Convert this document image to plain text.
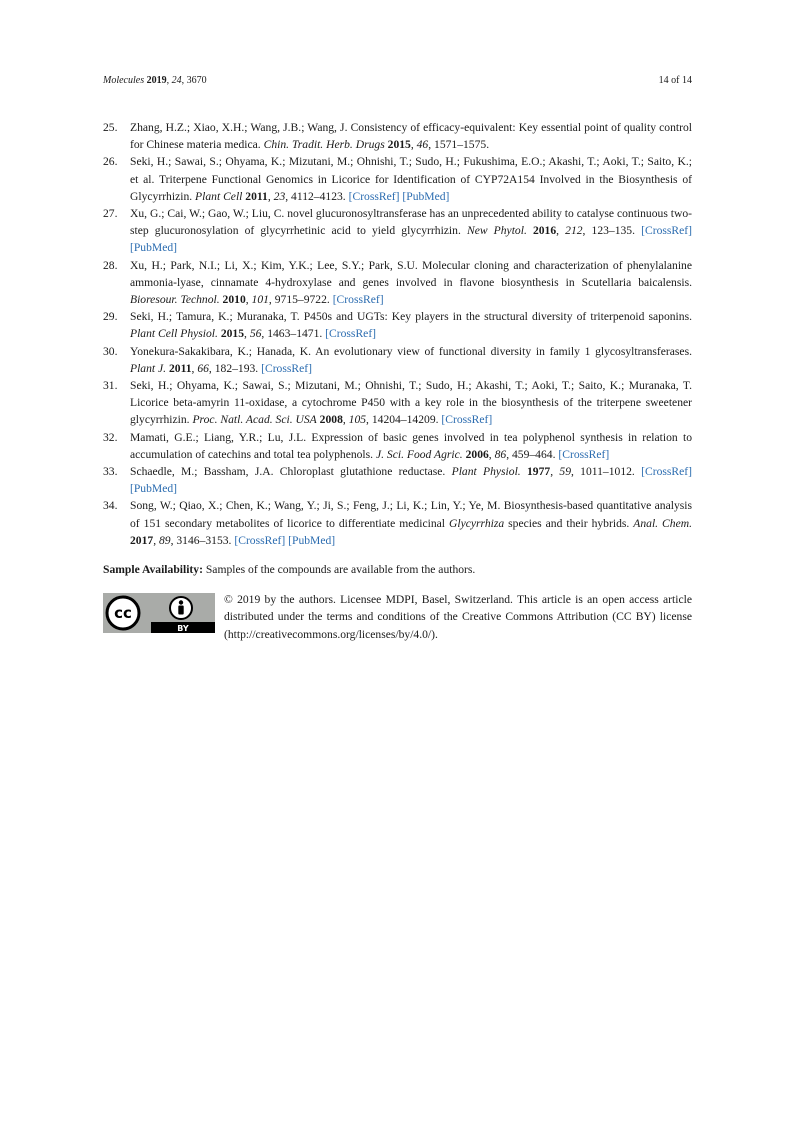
Molecules 2019, 24, 3670	14 of 14
25. Zhang, H.Z.; Xiao, X.H.; Wang, J.B.; Wang, J. Consistency of efficacy-equivalent: Key essential point of quality control for Chinese materia medica. Chin. Tradit. Herb. Drugs 2015, 46, 1571–1575.
26. Seki, H.; Sawai, S.; Ohyama, K.; Mizutani, M.; Ohnishi, T.; Sudo, H.; Fukushima, E.O.; Akashi, T.; Aoki, T.; Saito, K.; et al. Triterpene Functional Genomics in Licorice for Identification of CYP72A154 Involved in the Biosynthesis of Glycyrrhizin. Plant Cell 2011, 23, 4112–4123. [CrossRef] [PubMed]
27. Xu, G.; Cai, W.; Gao, W.; Liu, C. novel glucuronosyltransferase has an unprecedented ability to catalyse continuous two-step glucuronosylation of glycyrrhetinic acid to yield glycyrrhizin. New Phytol. 2016, 212, 123–135. [CrossRef] [PubMed]
28. Xu, H.; Park, N.I.; Li, X.; Kim, Y.K.; Lee, S.Y.; Park, S.U. Molecular cloning and characterization of phenylalanine ammonia-lyase, cinnamate 4-hydroxylase and genes involved in flavone biosynthesis in Scutellaria baicalensis. Bioresour. Technol. 2010, 101, 9715–9722. [CrossRef]
29. Seki, H.; Tamura, K.; Muranaka, T. P450s and UGTs: Key players in the structural diversity of triterpenoid saponins. Plant Cell Physiol. 2015, 56, 1463–1471. [CrossRef]
30. Yonekura-Sakakibara, K.; Hanada, K. An evolutionary view of functional diversity in family 1 glycosyltransferases. Plant J. 2011, 66, 182–193. [CrossRef]
31. Seki, H.; Ohyama, K.; Sawai, S.; Mizutani, M.; Ohnishi, T.; Sudo, H.; Akashi, T.; Aoki, T.; Saito, K.; Muranaka, T. Licorice beta-amyrin 11-oxidase, a cytochrome P450 with a key role in the biosynthesis of the triterpene sweetener glycyrrhizin. Proc. Natl. Acad. Sci. USA 2008, 105, 14204–14209. [CrossRef]
32. Mamati, G.E.; Liang, Y.R.; Lu, J.L. Expression of basic genes involved in tea polyphenol synthesis in relation to accumulation of catechins and total tea polyphenols. J. Sci. Food Agric. 2006, 86, 459–464. [CrossRef]
33. Schaedle, M.; Bassham, J.A. Chloroplast glutathione reductase. Plant Physiol. 1977, 59, 1011–1012. [CrossRef] [PubMed]
34. Song, W.; Qiao, X.; Chen, K.; Wang, Y.; Ji, S.; Feng, J.; Li, K.; Lin, Y.; Ye, M. Biosynthesis-based quantitative analysis of 151 secondary metabolites of licorice to differentiate medicinal Glycyrrhiza species and their hybrids. Anal. Chem. 2017, 89, 3146–3153. [CrossRef] [PubMed]
Sample Availability: Samples of the compounds are available from the authors.
cc
BY
© 2019 by the authors. Licensee MDPI, Basel, Switzerland. This article is an open access article distributed under the terms and conditions of the Creative Commons Attribution (CC BY) license (http://creativecommons.org/licenses/by/4.0/).
